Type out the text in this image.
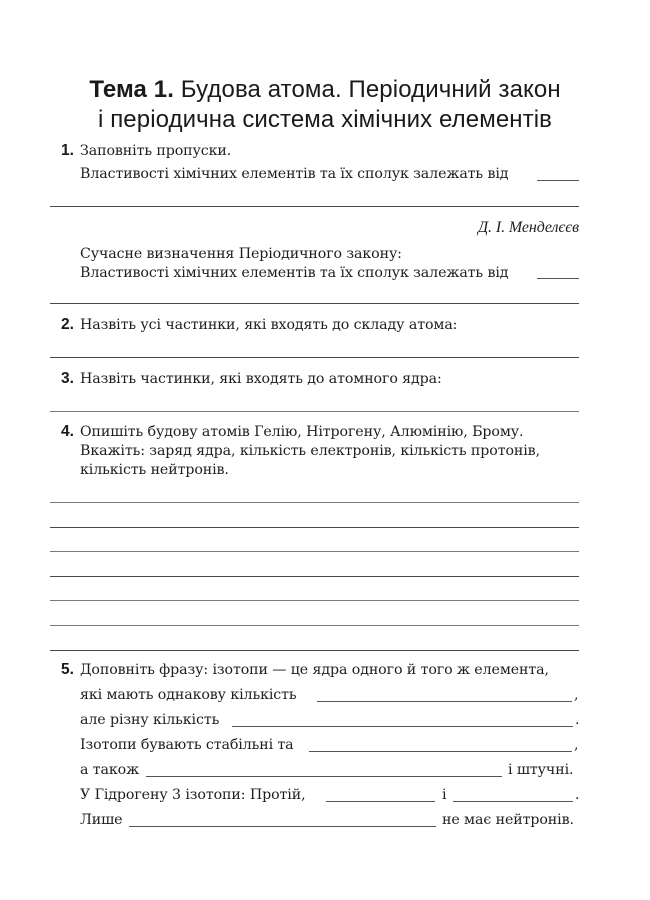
Тема 1. Будова атома. Періодичний закон
і періодична система хімічних елементів
1. Заповніть пропуски.
Властивості хімічних елементів та їх сполук залежать від
Д. І. Менделєєв
Сучасне визначення Періодичного закону:
Властивості хімічних елементів та їх сполук залежать від
2. Назвіть усі частинки, які входять до складу атома:
3. Назвіть частинки, які входять до атомного ядра:
4. Опишіть будову атомів Гелію, Нітрогену, Алюмінію, Брому.
Вкажіть: заряд ядра, кількість електронів, кількість протонів,
кількість нейтронів.
5. Доповніть фразу: ізотопи — це ядра одного й того ж елемента,
які мають однакову кількість	,
але різну кількість	.
Ізотопи бувають стабільні та	,
а також	і штучні.
У Гідрогену 3 ізотопи: Протій,	і	.
Лише	не має нейтронів.
